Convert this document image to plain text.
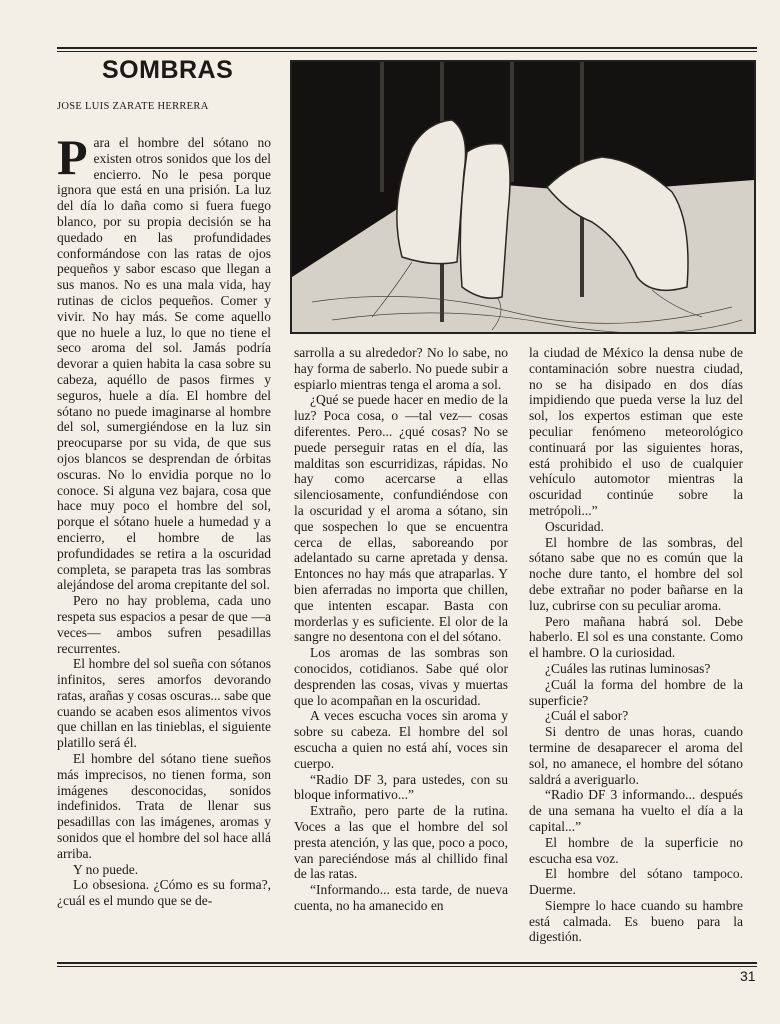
SOMBRAS
JOSE LUIS ZARATE HERRERA

Para el hombre del sótano no existen otros sonidos que los del encierro. No le pesa porque ignora que está en una prisión. La luz del día lo daña como si fuera fuego blanco, por su propia decisión se ha quedado en las profundidades conformándose con las ratas de ojos pequeños y sabor escaso que llegan a sus manos. No es una mala vida, hay rutinas de ciclos pequeños. Comer y vivir. No hay más. Se come aquello que no huele a luz, lo que no tiene el seco aroma del sol. Jamás podría devorar a quien habita la casa sobre su cabeza, aquéllo de pasos firmes y seguros, huele a día. El hombre del sótano no puede imaginarse al hombre del sol, sumergiéndose en la luz sin preocuparse por su vida, de que sus ojos blancos se desprendan de órbitas oscuras. No lo envidia porque no lo conoce. Si alguna vez bajara, cosa que hace muy poco el hombre del sol, porque el sótano huele a humedad y a encierro, el hombre de las profundidades se retira a la oscuridad completa, se parapeta tras las sombras alejándose del aroma crepitante del sol.

Pero no hay problema, cada uno respeta sus espacios a pesar de que —a veces— ambos sufren pesadillas recurrentes.

El hombre del sol sueña con sótanos infinitos, seres amorfos devorando ratas, arañas y cosas oscuras... sabe que cuando se acaben esos alimentos vivos que chillan en las tinieblas, el siguiente platillo será él.

El hombre del sótano tiene sueños más imprecisos, no tienen forma, son imágenes desconocidas, sonidos indefinidos. Trata de llenar sus pesadillas con las imágenes, aromas y sonidos que el hombre del sol hace allá arriba.

Y no puede.

Lo obsesiona. ¿Cómo es su forma?, ¿cuál es el mundo que se de-

sarrolla a su alrededor? No lo sabe, no hay forma de saberlo. No puede subir a espiarlo mientras tenga el aroma a sol.

¿Qué se puede hacer en medio de la luz? Poca cosa, o —tal vez— cosas diferentes. Pero... ¿qué cosas? No se puede perseguir ratas en el día, las malditas son escurridizas, rápidas. No hay como acercarse a ellas silenciosamente, confundiéndose con la oscuridad y el aroma a sótano, sin que sospechen lo que se encuentra cerca de ellas, saboreando por adelantado su carne apretada y densa. Entonces no hay más que atraparlas. Y bien aferradas no importa que chillen, que intenten escapar. Basta con morderlas y es suficiente. El olor de la sangre no desentona con el del sótano.

Los aromas de las sombras son conocidos, cotidianos. Sabe qué olor desprenden las cosas, vivas y muertas que lo acompañan en la oscuridad.

A veces escucha voces sin aroma y sobre su cabeza. El hombre del sol escucha a quien no está ahí, voces sin cuerpo.

“Radio DF 3, para ustedes, con su bloque informativo...”

Extraño, pero parte de la rutina. Voces a las que el hombre del sol presta atención, y las que, poco a poco, van pareciéndose más al chillido final de las ratas.

“Informando... esta tarde, de nueva cuenta, no ha amanecido en

la ciudad de México la densa nube de contaminación sobre nuestra ciudad, no se ha disipado en dos días impidiendo que pueda verse la luz del sol, los expertos estiman que este peculiar fenómeno meteorológico continuará por las siguientes horas, está prohibido el uso de cualquier vehículo automotor mientras la oscuridad continúe sobre la metrópoli...”

Oscuridad.

El hombre de las sombras, del sótano sabe que no es común que la noche dure tanto, el hombre del sol debe extrañar no poder bañarse en la luz, cubrirse con su peculiar aroma.

Pero mañana habrá sol. Debe haberlo. El sol es una constante. Como el hambre. O la curiosidad.

¿Cuáles las rutinas luminosas?

¿Cuál la forma del hombre de la superficie?

¿Cuál el sabor?

Si dentro de unas horas, cuando termine de desaparecer el aroma del sol, no amanece, el hombre del sótano saldrá a averiguarlo.

“Radio DF 3 informando... después de una semana ha vuelto el día a la capital...”

El hombre de la superficie no escucha esa voz.

El hombre del sótano tampoco. Duerme.

Siempre lo hace cuando su hambre está calmada. Es bueno para la digestión.

31
